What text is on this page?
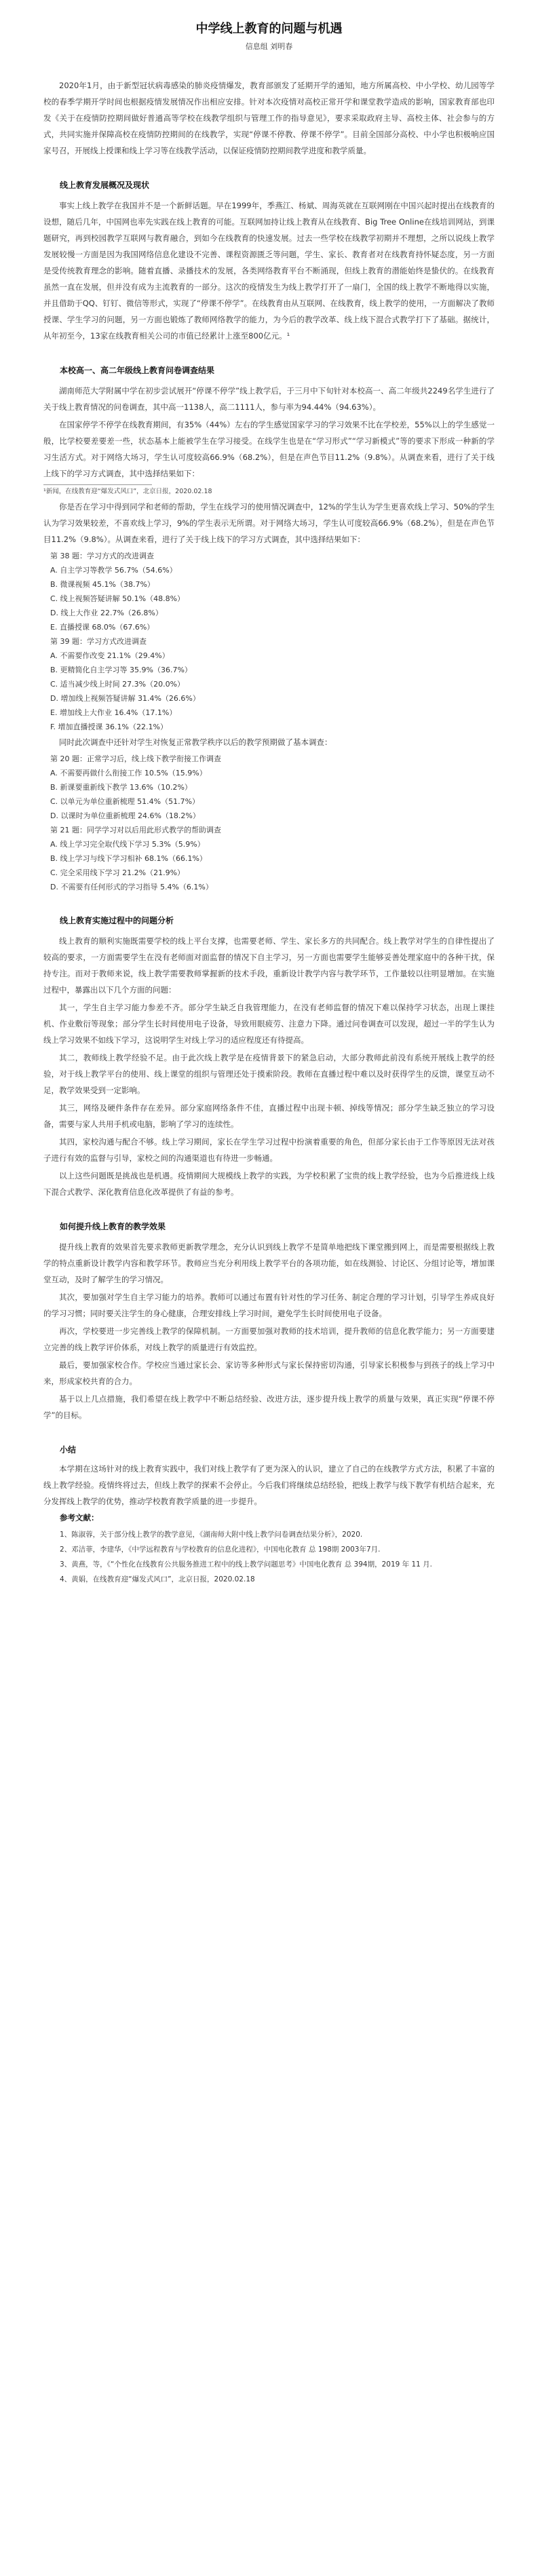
中学线上教育的问题与机遇
信息组 刘明春

2020年1月，由于新型冠状病毒感染的肺炎疫情爆发，教育部颁发了延期开学的通知，地方所属高校、中小学校、幼儿园等学校的春季学期开学时间也根据疫情发展情况作出相应安排。针对本次疫情对高校正常开学和课堂教学造成的影响，国家教育部也印发《关于在疫情防控期间做好普通高等学校在线教学组织与管理工作的指导意见》，要求采取政府主导、高校主体、社会参与的方式，共同实施并保障高校在疫情防控期间的在线教学，实现“停课不停教、停课不停学”。目前全国部分高校、中小学也积极响应国家号召，开展线上授课和线上学习等在线教学活动，以保证疫情防控期间教学进度和教学质量。

线上教育发展概况及现状

事实上线上教学在我国并不是一个新鲜话题。早在1999年，季燕江、杨斌、周海英就在互联网刚在中国兴起时提出在线教育的设想，随后几年，中国网也率先实践在线上教育的可能。互联网加持让线上教育从在线教育、Big Tree Online在线培训网站，到课题研究，再到校园教学互联网与教育融合，到如今在线教育的快速发展。过去一些学校在线教学初期并不理想，之所以说线上教学发展较慢一方面是因为我国网络信息化建设不完善、课程资源匮乏等问题，学生、家长、教育者对在线教育持怀疑态度，另一方面是受传统教育理念的影响。随着直播、录播技术的发展，各类网络教育平台不断涌现，但线上教育的潜能始终是蛰伏的。在线教育虽然一直在发展，但并没有成为主流教育的一部分。这次的疫情发生为线上教学打开了一扇门，全国的线上教学不断地得以实施，并且借助于QQ、钉钉、微信等形式，实现了“停课不停学”。在线教育由从互联网、在线教育，线上教学的使用，一方面解决了教师授课、学生学习的问题，另一方面也锻炼了教师网络教学的能力，为今后的教学改革、线上线下混合式教学打下了基础。据统计，从年初至今，13家在线教育相关公司的市值已经累计上涨至800亿元。¹

本校高一、高二年级线上教育问卷调查结果

湖南师范大学附属中学在初步尝试展开“停课不停学”线上教学后，于三月中下旬针对本校高一、高二年级共2249名学生进行了关于线上教育情况的问卷调查，其中高一1138人，高二1111人，参与率为94.44%（94.63%）。

在国家停学不停学在线教育期间，有35%（44%）左右的学生感觉国家学习的学习效果不比在学校差，55%以上的学生感觉一般，比学校要差要差一些，状态基本上能被学生在学习接受。在线学生也是在“学习形式”“学习新模式”等的要求下形成一种新的学习生活方式。对于网络大场习，学生认可度较高66.9%（68.2%），但是在声色节目11.2%（9.8%）。从调查来看，进行了关于线上线下的学习方式调查，其中选择结果如下：

¹新闻，在线教育迎“爆发式风口”，北京日报，2020.02.18

你是否在学习中得到同学和老师的帮助，学生在线学习的使用情况调查中，12%的学生认为学生更喜欢线上学习、50%的学生认为学习效果较差，不喜欢线上学习，9%的学生表示无所谓。对于网络大场习，学生认可度较高66.9%（68.2%），但是在声色节目11.2%（9.8%）。从调查来看，进行了关于线上线下的学习方式调查，其中选择结果如下：

第 38 题：学习方式的改进调查
A. 自主学习等教学 56.7%（54.6%）
B. 微课视频 45.1%（38.7%）
C. 线上视频答疑讲解 50.1%（48.8%）
D. 线上大作业 22.7%（26.8%）
E. 直播授课 68.0%（67.6%）
第 39 题：学习方式改进调查
A. 不需要作改变 21.1%（29.4%）
B. 更精简化自主学习等 35.9%（36.7%）
C. 适当减少线上时间 27.3%（20.0%）
D. 增加线上视频答疑讲解 31.4%（26.6%）
E. 增加线上大作业 16.4%（17.1%）
F. 增加直播授课 36.1%（22.1%）

同时此次调查中还针对学生对恢复正常教学秩序以后的教学预期做了基本调查：

第 20 题：正常学习后，线上线下教学衔接工作调查
A. 不需要再做什么衔接工作 10.5%（15.9%）
B. 新课要重新线下教学 13.6%（10.2%）
C. 以单元为单位重新梳理 51.4%（51.7%）
D. 以课时为单位重新梳理 24.6%（18.2%）
第 21 题：同学学习对以后用此形式教学的帮助调查
A. 线上学习完全取代线下学习 5.3%（5.9%）
B. 线上学习与线下学习相补 68.1%（66.1%）
C. 完全采用线下学习 21.2%（21.9%）
D. 不需要有任何形式的学习指导 5.4%（6.1%）
线上教育实施过程中的问题分析

线上教育的顺利实施既需要学校的线上平台支撑，也需要老师、学生、家长多方的共同配合。线上教学对学生的自律性提出了较高的要求，一方面需要学生在没有老师面对面监督的情况下自主学习，另一方面也需要学生能够妥善处理家庭中的各种干扰，保持专注。而对于教师来说，线上教学需要教师掌握新的技术手段，重新设计教学内容与教学环节，工作量较以往明显增加。在实施过程中，暴露出以下几个方面的问题：

其一，学生自主学习能力参差不齐。部分学生缺乏自我管理能力，在没有老师监督的情况下难以保持学习状态，出现上课挂机、作业敷衍等现象；部分学生长时间使用电子设备，导致用眼疲劳、注意力下降。通过问卷调查可以发现，超过一半的学生认为线上学习效果不如线下学习，这说明学生对线上学习的适应程度还有待提高。

其二，教师线上教学经验不足。由于此次线上教学是在疫情背景下的紧急启动，大部分教师此前没有系统开展线上教学的经验，对于线上教学平台的使用、线上课堂的组织与管理还处于摸索阶段。教师在直播过程中难以及时获得学生的反馈，课堂互动不足，教学效果受到一定影响。

其三，网络及硬件条件存在差异。部分家庭网络条件不佳，直播过程中出现卡顿、掉线等情况；部分学生缺乏独立的学习设备，需要与家人共用手机或电脑，影响了学习的连续性。

其四，家校沟通与配合不够。线上学习期间，家长在学生学习过程中扮演着重要的角色，但部分家长由于工作等原因无法对孩子进行有效的监督与引导，家校之间的沟通渠道也有待进一步畅通。

以上这些问题既是挑战也是机遇。疫情期间大规模线上教学的实践，为学校积累了宝贵的线上教学经验，也为今后推进线上线下混合式教学、深化教育信息化改革提供了有益的参考。

如何提升线上教育的教学效果

提升线上教育的效果首先要求教师更新教学理念，充分认识到线上教学不是简单地把线下课堂搬到网上，而是需要根据线上教学的特点重新设计教学内容和教学环节。教师应当充分利用线上教学平台的各项功能，如在线测验、讨论区、分组讨论等，增加课堂互动，及时了解学生的学习情况。

其次，要加强对学生自主学习能力的培养。教师可以通过布置有针对性的学习任务、制定合理的学习计划，引导学生养成良好的学习习惯；同时要关注学生的身心健康，合理安排线上学习时间，避免学生长时间使用电子设备。

再次，学校要进一步完善线上教学的保障机制。一方面要加强对教师的技术培训，提升教师的信息化教学能力；另一方面要建立完善的线上教学评价体系，对线上教学的质量进行有效监控。

最后，要加强家校合作。学校应当通过家长会、家访等多种形式与家长保持密切沟通，引导家长积极参与到孩子的线上学习中来，形成家校共育的合力。

基于以上几点措施，我们希望在线上教学中不断总结经验、改进方法，逐步提升线上教学的质量与效果，真正实现“停课不停学”的目标。

小结

本学期在这场针对的线上教育实践中，我们对线上教学有了更为深入的认识，建立了自己的在线教学方式方法，积累了丰富的线上教学经验。疫情终将过去，但线上教学的探索不会停止。今后我们将继续总结经验，把线上教学与线下教学有机结合起来，充分发挥线上教学的优势，推动学校教育教学质量的进一步提升。

参考文献：
1、陈淑蓉，关于部分线上教学的教学意见，《湖南师大附中线上教学问卷调查结果分析》，2020.
2、邓洁菲，李建华，《中学远程教育与学校教育的信息化进程》，中国电化教育 总 198期 2003年7月.
3、黄燕，等，《“个性化在线教育公共服务推进工程中的线上教学问题思考》中国电化教育 总 394期，2019 年 11 月.
4、黄娟，在线教育迎“爆发式风口”，北京日报，2020.02.18
